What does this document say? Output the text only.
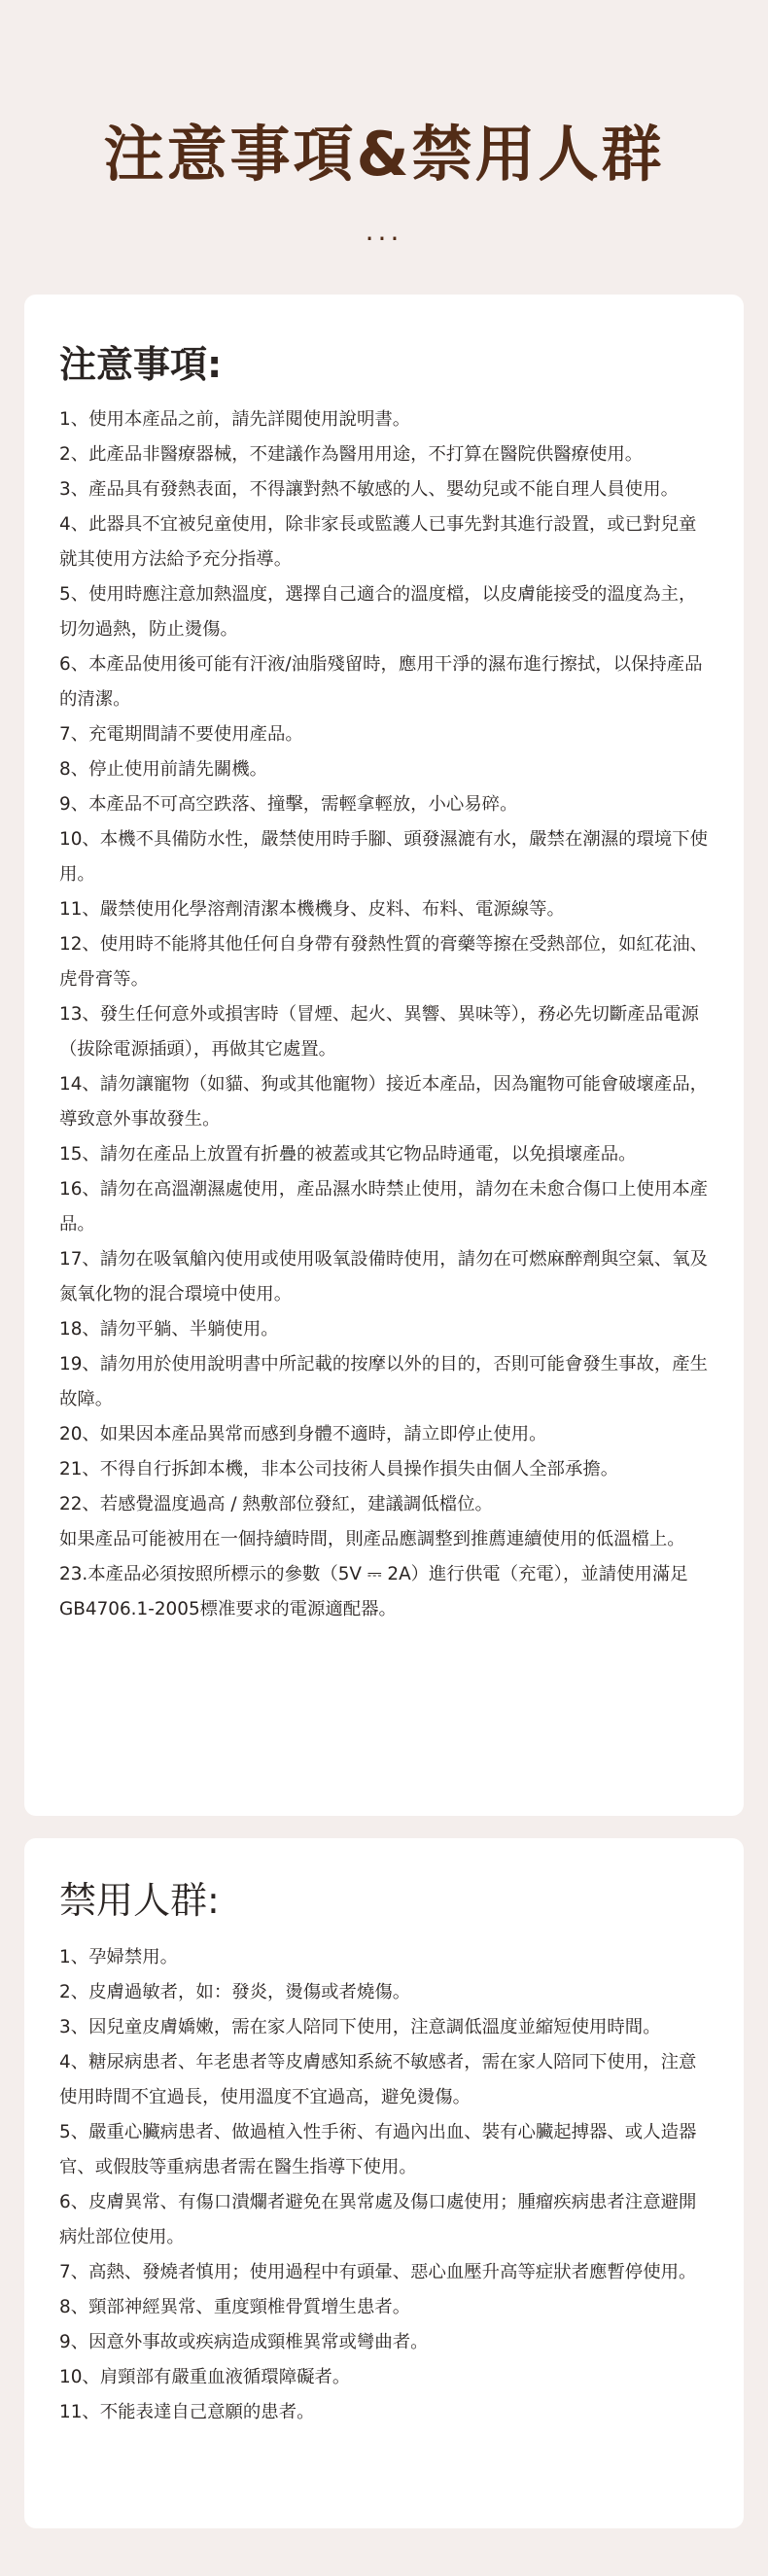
注意事項&禁用人群
···
注意事項:
1、使用本產品之前，請先詳閱使用說明書。
2、此產品非醫療器械，不建議作為醫用用途，不打算在醫院供醫療使用。
3、產品具有發熱表面，不得讓對熱不敏感的人、嬰幼兒或不能自理人員使用。
4、此器具不宜被兒童使用，除非家長或監護人已事先對其進行設置，或已對兒童就其使用方法給予充分指導。
5、使用時應注意加熱溫度，選擇自己適合的溫度檔，以皮膚能接受的溫度為主，切勿過熱，防止燙傷。
6、本產品使用後可能有汗液/油脂殘留時，應用干淨的濕布進行擦拭，以保持產品的清潔。
7、充電期間請不要使用產品。
8、停止使用前請先關機。
9、本產品不可高空跌落、撞擊，需輕拿輕放，小心易碎。
10、本機不具備防水性，嚴禁使用時手腳、頭發濕漉有水，嚴禁在潮濕的環境下使用。
11、嚴禁使用化學溶劑清潔本機機身、皮料、布料、電源線等。
12、使用時不能將其他任何自身帶有發熱性質的膏藥等擦在受熱部位，如紅花油、虎骨膏等。
13、發生任何意外或損害時（冒煙、起火、異響、異味等），務必先切斷產品電源（拔除電源插頭），再做其它處置。
14、請勿讓寵物（如貓、狗或其他寵物）接近本產品，因為寵物可能會破壞產品，導致意外事故發生。
15、請勿在產品上放置有折疊的被蓋或其它物品時通電，以免損壞產品。
16、請勿在高溫潮濕處使用，產品濕水時禁止使用，請勿在未愈合傷口上使用本產品。
17、請勿在吸氧艙內使用或使用吸氧設備時使用，請勿在可燃麻醉劑與空氣、氧及氮氧化物的混合環境中使用。
18、請勿平躺、半躺使用。
19、請勿用於使用說明書中所記載的按摩以外的目的，否則可能會發生事故，產生故障。
20、如果因本產品異常而感到身體不適時，請立即停止使用。
21、不得自行拆卸本機，非本公司技術人員操作損失由個人全部承擔。
22、若感覺溫度過高 / 熱敷部位發紅，建議調低檔位。
如果產品可能被用在一個持續時間，則產品應調整到推薦連續使用的低溫檔上。
23.本產品必須按照所標示的參數（5V ⎓ 2A）進行供電（充電），並請使用滿足GB4706.1-2005標准要求的電源適配器。
禁用人群:
1、孕婦禁用。
2、皮膚過敏者，如：發炎，燙傷或者燒傷。
3、因兒童皮膚嬌嫩，需在家人陪同下使用，注意調低溫度並縮短使用時間。
4、糖尿病患者、年老患者等皮膚感知系統不敏感者，需在家人陪同下使用，注意使用時間不宜過長，使用溫度不宜過高，避免燙傷。
5、嚴重心臟病患者、做過植入性手術、有過內出血、裝有心臟起搏器、或人造器官、或假肢等重病患者需在醫生指導下使用。
6、皮膚異常、有傷口潰爛者避免在異常處及傷口處使用；腫瘤疾病患者注意避開病灶部位使用。
7、高熱、發燒者慎用；使用過程中有頭暈、惡心血壓升高等症狀者應暫停使用。
8、頸部神經異常、重度頸椎骨質增生患者。
9、因意外事故或疾病造成頸椎異常或彎曲者。
10、肩頸部有嚴重血液循環障礙者。
11、不能表達自己意願的患者。
